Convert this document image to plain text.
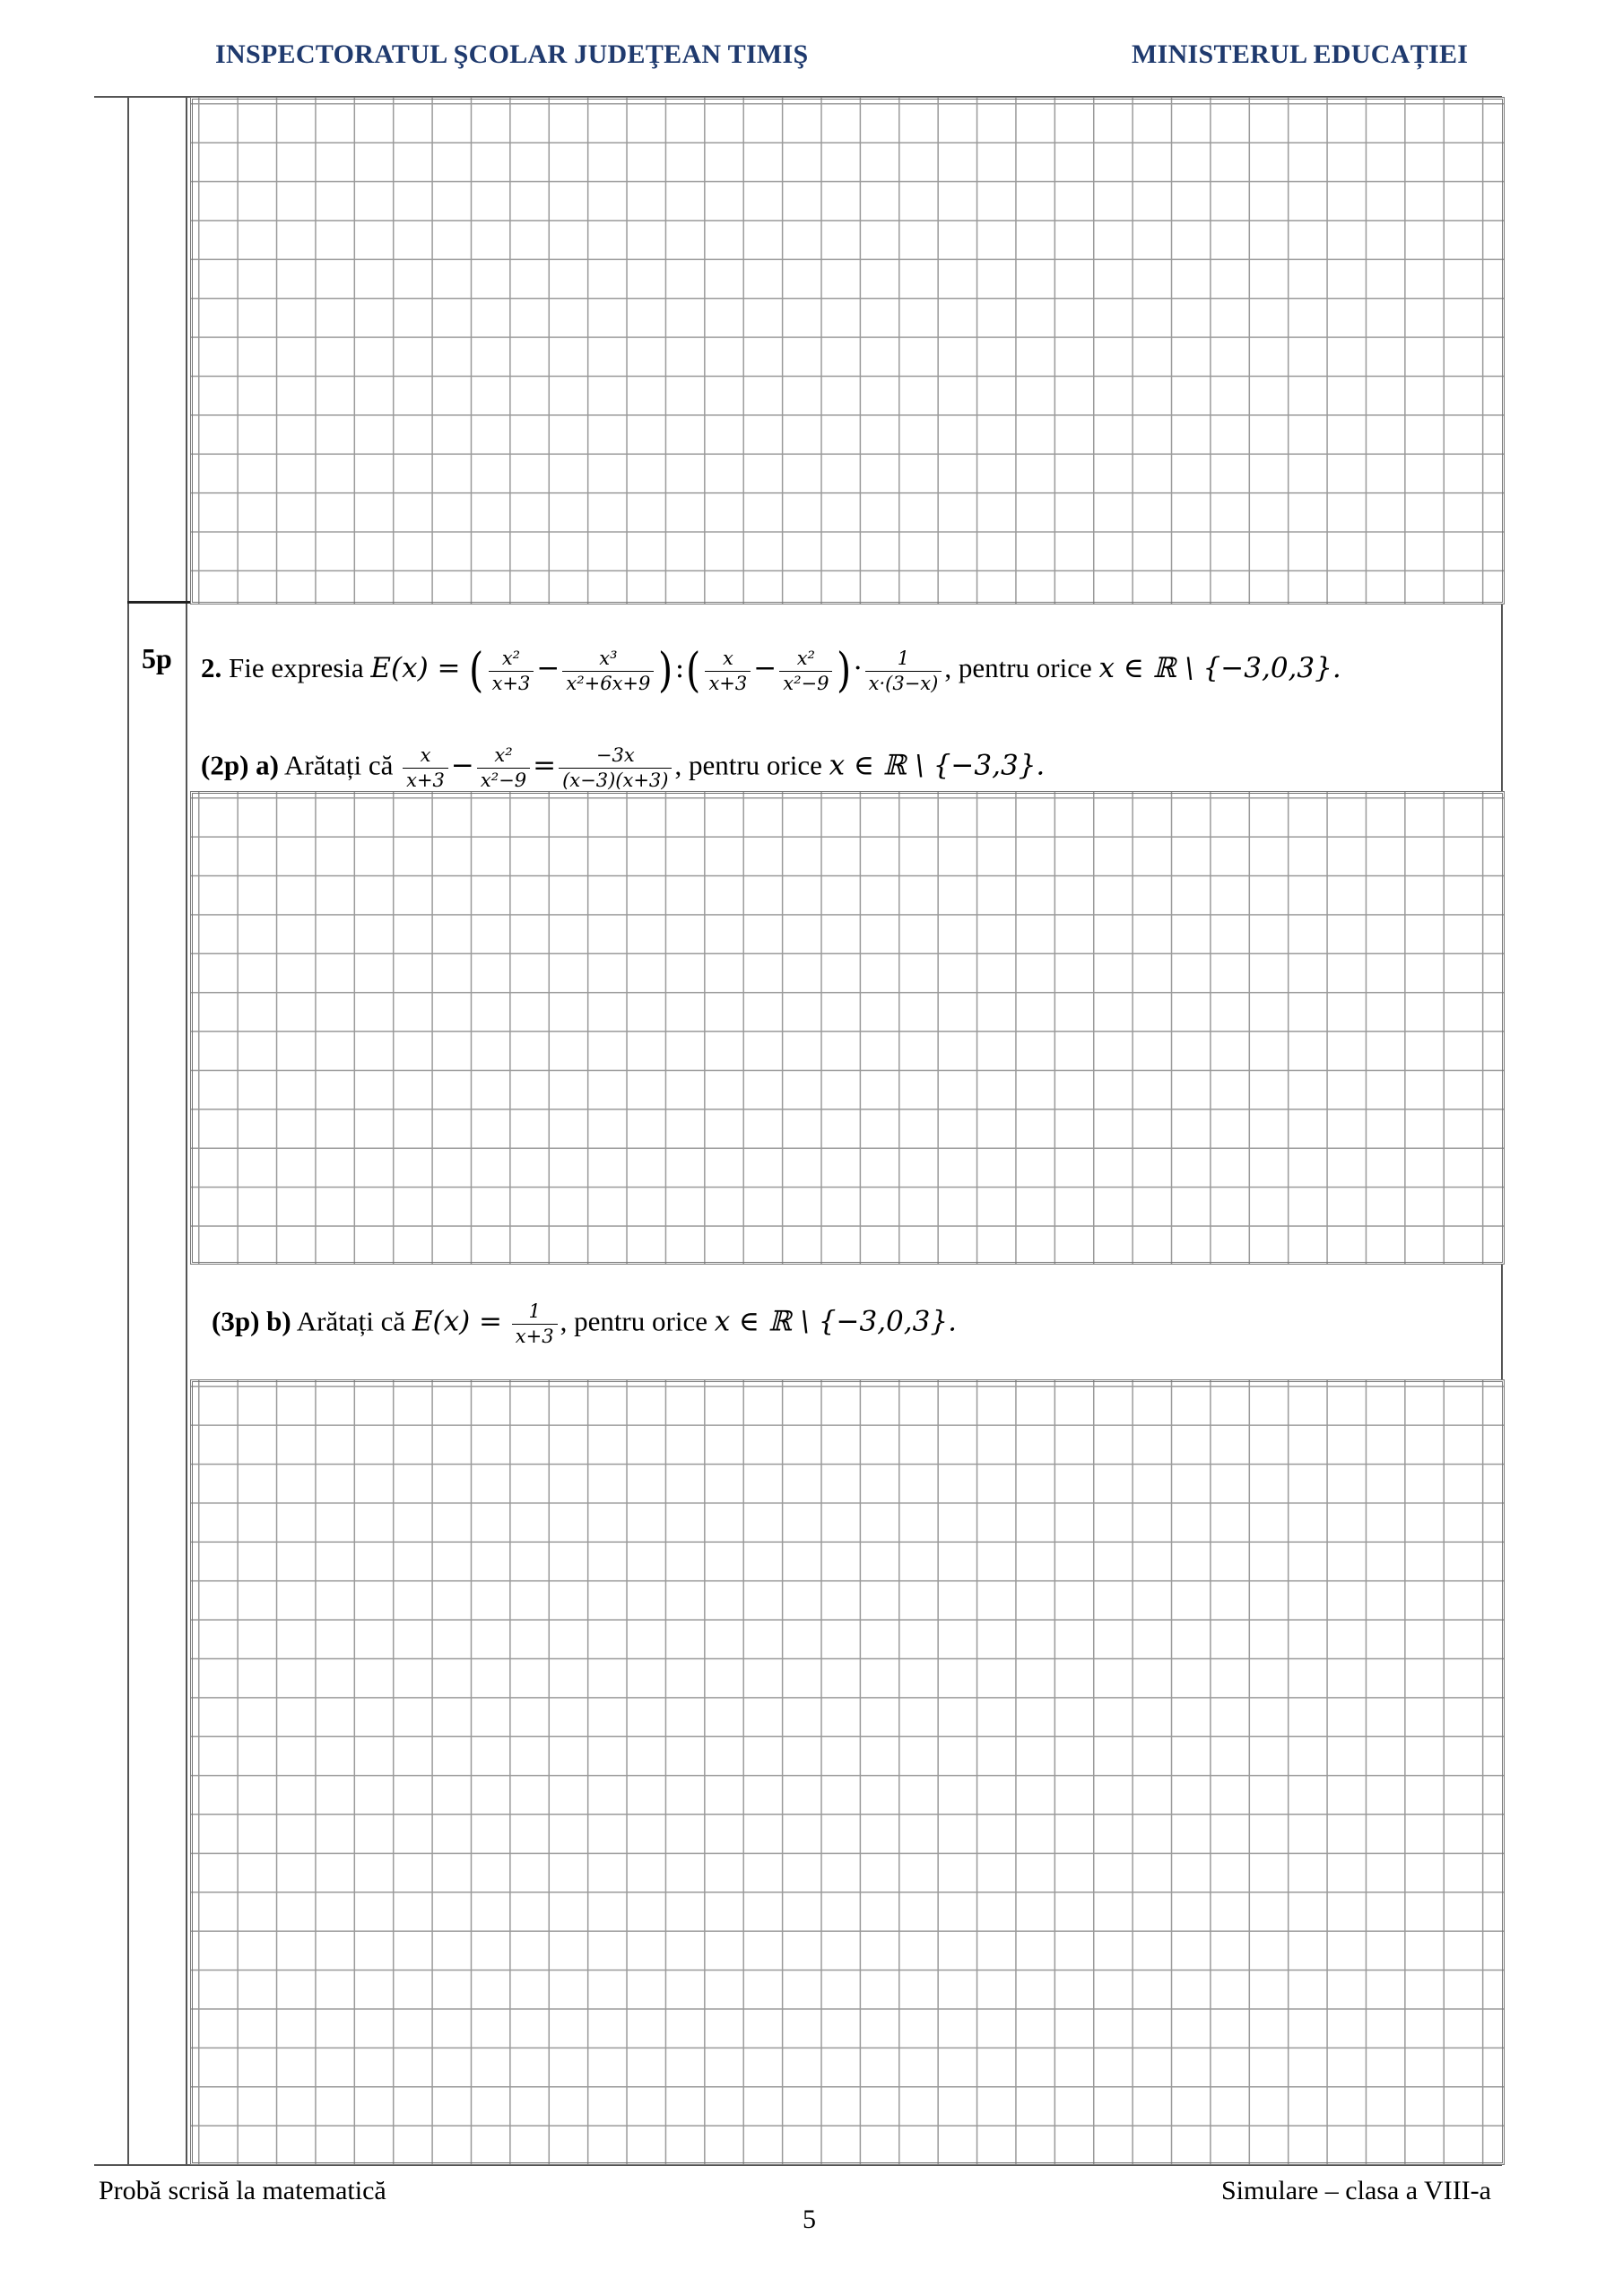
INSPECTORATUL ŞCOLAR JUDEŢEAN TIMIŞ	MINISTERUL EDUCAȚIEI
5p 2. Fie expresia E(x) = ( $\frac{\text{x²}}{x+3} - \frac{\text{x³}}{\text{x²+6x+9}}$ ):( $\frac{x}{x+3} - \frac{\text{x²}}{\text{x²−9}}$ )· $\frac{1}{x\cdot(3-x)}$ , pentru orice x ∈ ℝ \ {−3,0,3}.
(2p) a) Arătați că $\frac{x}{x+3} - \frac{\text{x²}}{\text{x²−9}} = \frac{-3x}{(x-3)(x+3)}$ , pentru orice x ∈ ℝ \ {−3,3}.
(3p) b) Arătați că $E(x) = \frac{1}{x+3}$ , pentru orice x ∈ ℝ \ {−3,0,3}.
Probă scrisă la matematică	Simulare – clasa a VIII-a
5
